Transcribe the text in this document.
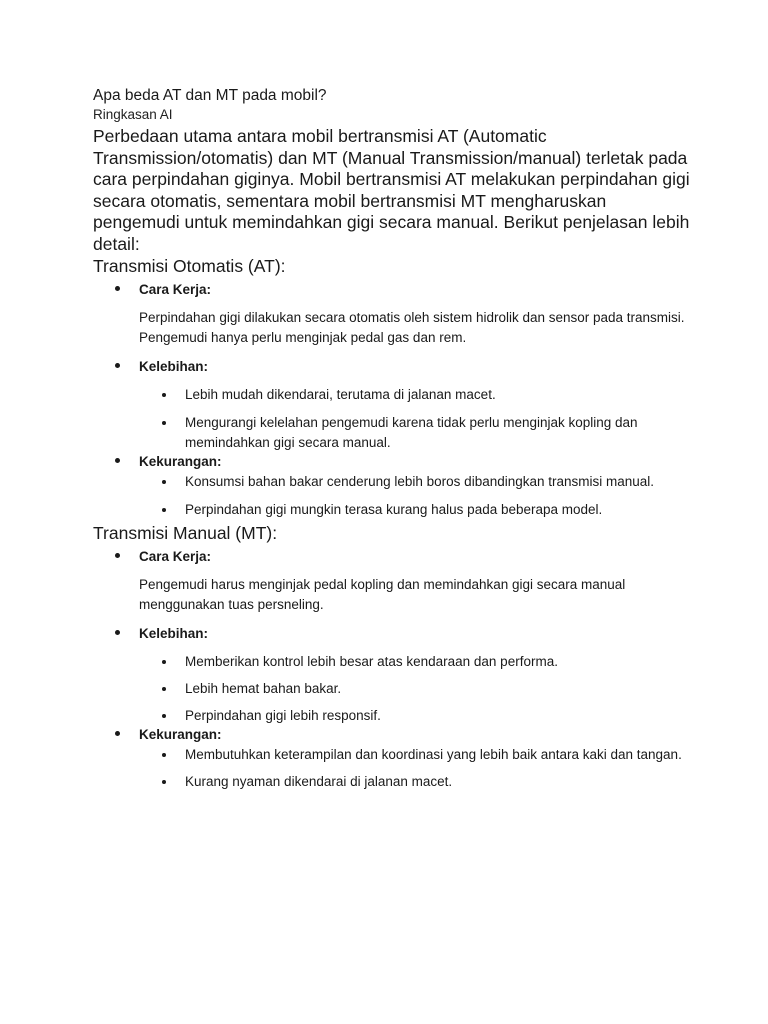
Apa beda AT dan MT pada mobil?

Ringkasan AI

Perbedaan utama antara mobil bertransmisi AT (Automatic Transmission/otomatis) dan MT (Manual Transmission/manual) terletak pada cara perpindahan giginya. Mobil bertransmisi AT melakukan perpindahan gigi secara otomatis, sementara mobil bertransmisi MT mengharuskan pengemudi untuk memindahkan gigi secara manual. Berikut penjelasan lebih detail:

Transmisi Otomatis (AT):
Cara Kerja:

Perpindahan gigi dilakukan secara otomatis oleh sistem hidrolik dan sensor pada transmisi. Pengemudi hanya perlu menginjak pedal gas dan rem.

Kelebihan:
Lebih mudah dikendarai, terutama di jalanan macet.
Mengurangi kelelahan pengemudi karena tidak perlu menginjak kopling dan memindahkan gigi secara manual.
Kekurangan:
Konsumsi bahan bakar cenderung lebih boros dibandingkan transmisi manual.
Perpindahan gigi mungkin terasa kurang halus pada beberapa model.
Transmisi Manual (MT):
Cara Kerja:

Pengemudi harus menginjak pedal kopling dan memindahkan gigi secara manual menggunakan tuas persneling.

Kelebihan:
Memberikan kontrol lebih besar atas kendaraan dan performa.
Lebih hemat bahan bakar.
Perpindahan gigi lebih responsif.
Kekurangan:
Membutuhkan keterampilan dan koordinasi yang lebih baik antara kaki dan tangan.
Kurang nyaman dikendarai di jalanan macet.
